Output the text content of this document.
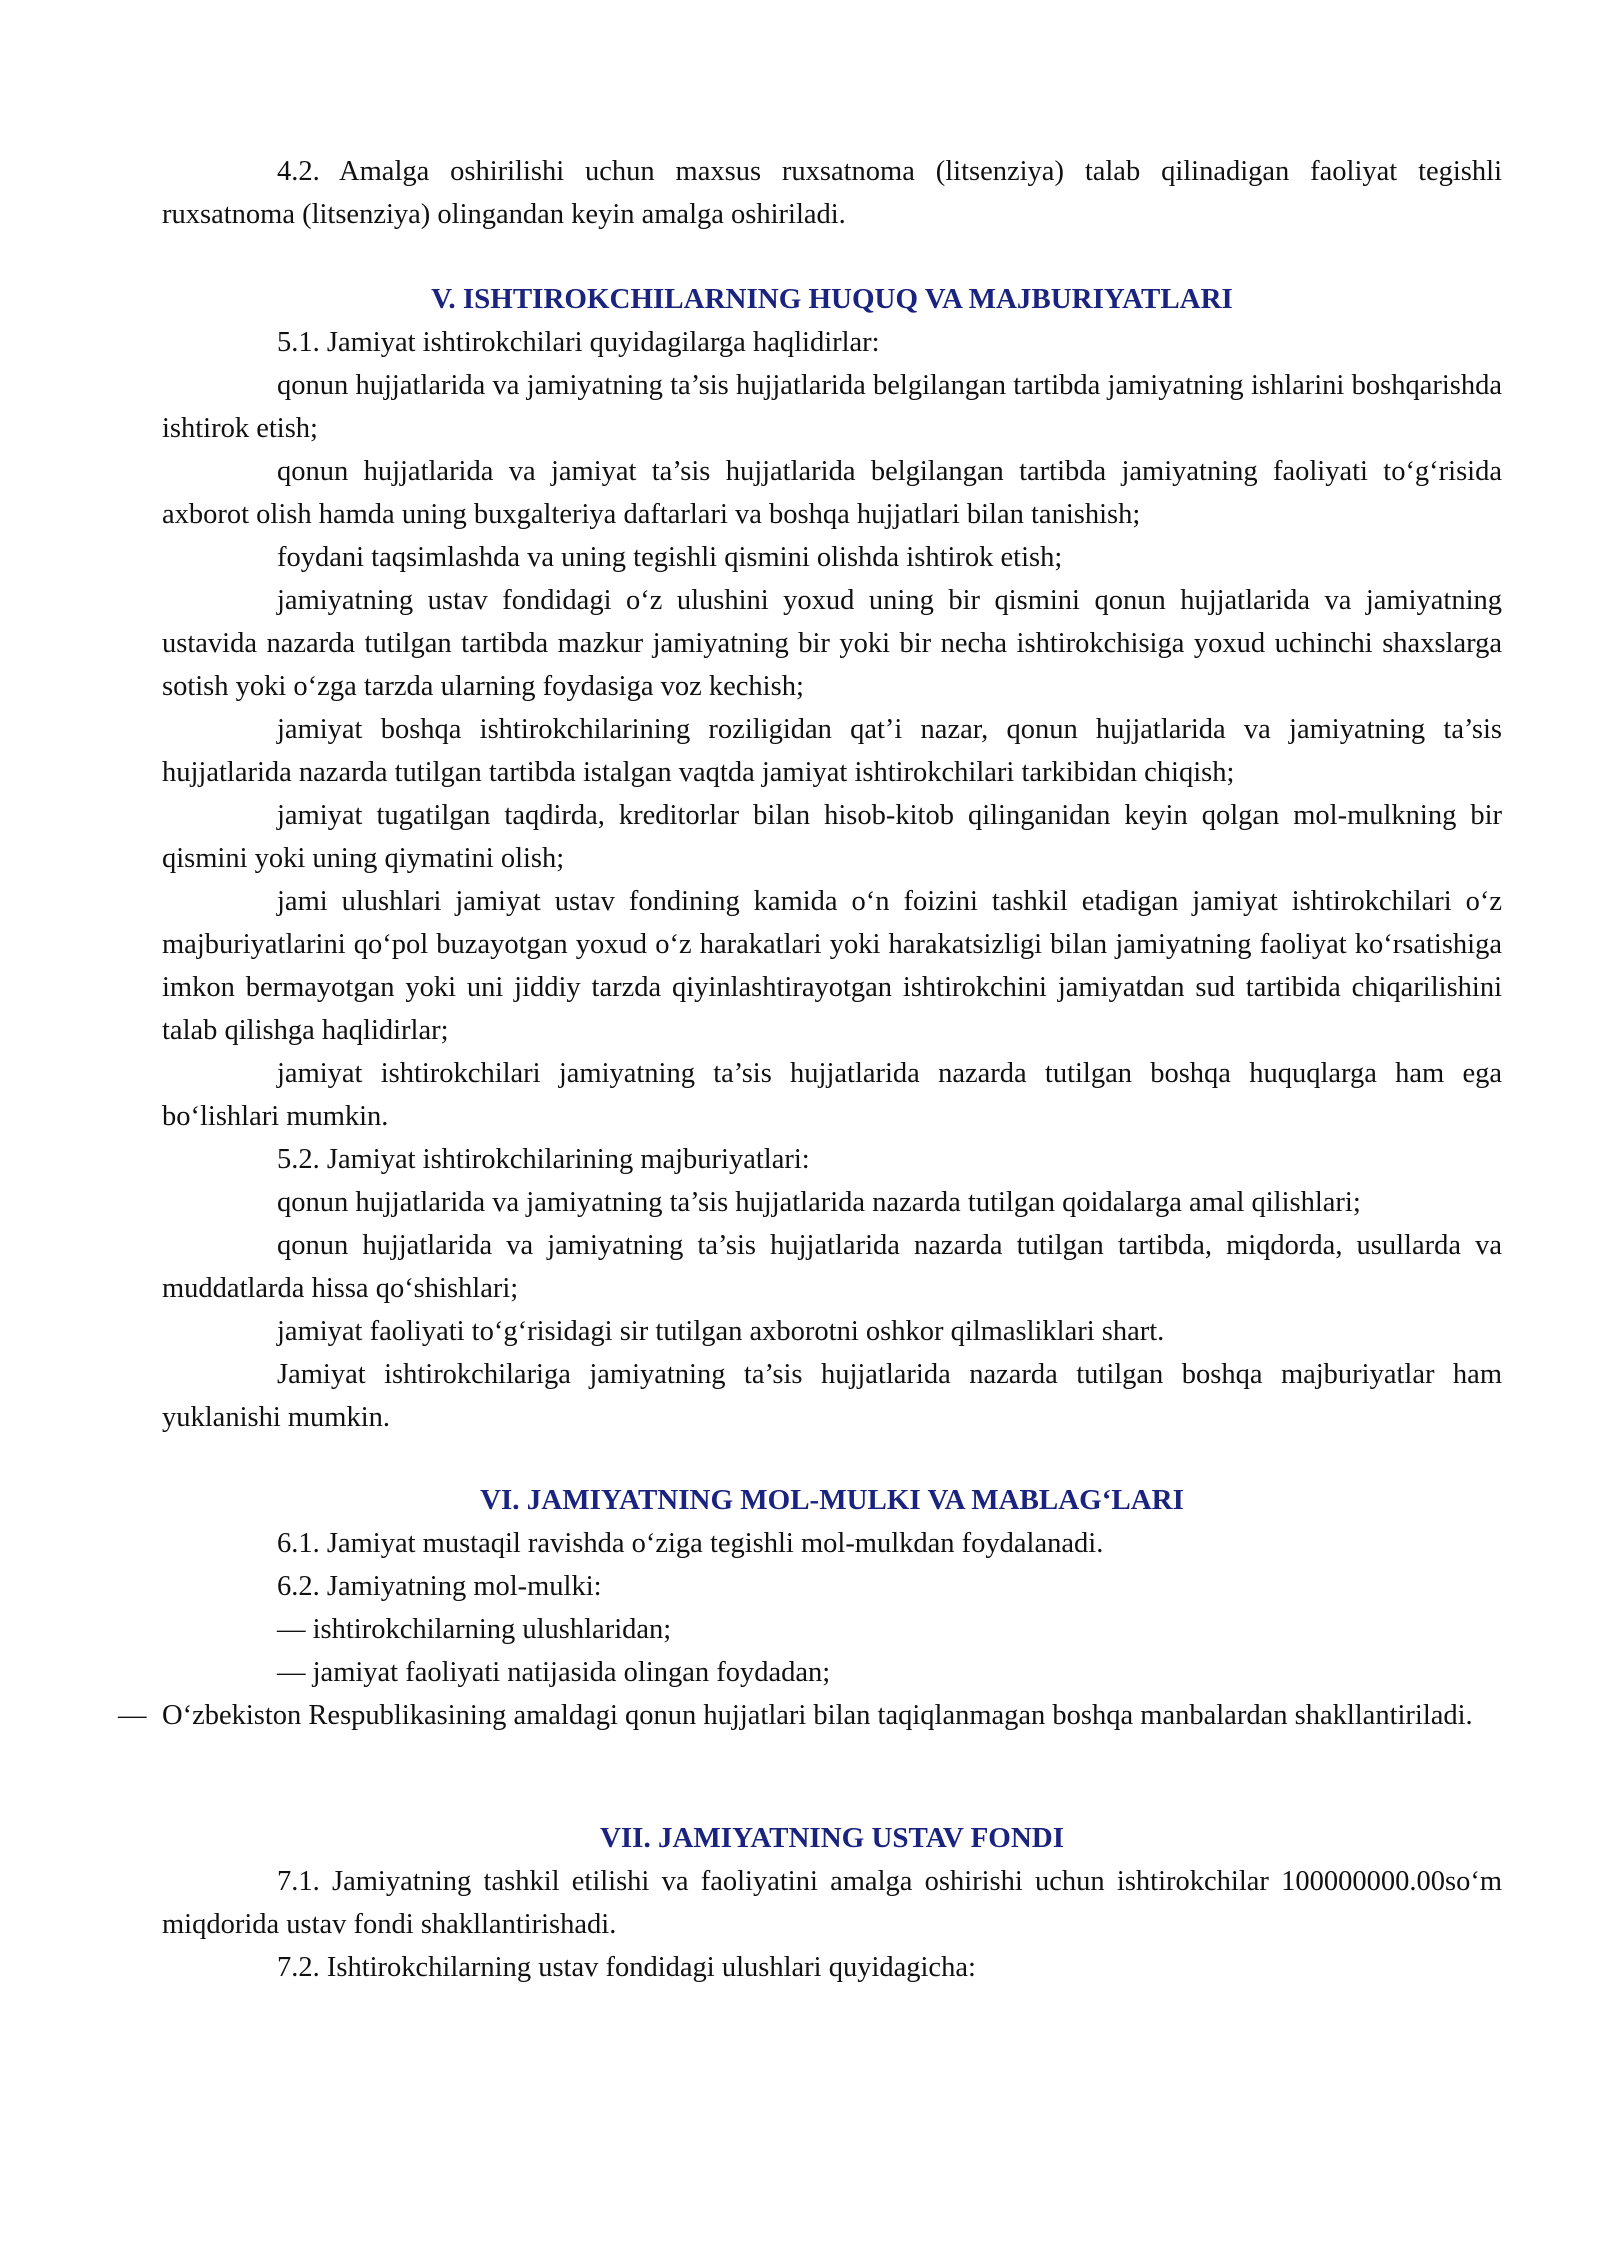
4.2. Amalga oshirilishi uchun maxsus ruxsatnoma (litsenziya) talab qilinadigan faoliyat tegishli ruxsatnoma (litsenziya) olingandan keyin amalga oshiriladi.

V. ISHTIROKCHILARNING HUQUQ VA MAJBURIYATLARI

5.1. Jamiyat ishtirokchilari quyidagilarga haqlidirlar:

qonun hujjatlarida va jamiyatning ta’sis hujjatlarida belgilangan tartibda jamiyatning ishlarini boshqarishda ishtirok etish;

qonun hujjatlarida va jamiyat ta’sis hujjatlarida belgilangan tartibda jamiyatning faoliyati to‘g‘risida axborot olish hamda uning buxgalteriya daftarlari va boshqa hujjatlari bilan tanishish;

foydani taqsimlashda va uning tegishli qismini olishda ishtirok etish;

jamiyatning ustav fondidagi o‘z ulushini yoxud uning bir qismini qonun hujjatlarida va jamiyatning ustavida nazarda tutilgan tartibda mazkur jamiyatning bir yoki bir necha ishtirokchisiga yoxud uchinchi shaxslarga sotish yoki o‘zga tarzda ularning foydasiga voz kechish;

jamiyat boshqa ishtirokchilarining roziligidan qat’i nazar, qonun hujjatlarida va jamiyatning ta’sis hujjatlarida nazarda tutilgan tartibda istalgan vaqtda jamiyat ishtirokchilari tarkibidan chiqish;

jamiyat tugatilgan taqdirda, kreditorlar bilan hisob-kitob qilinganidan keyin qolgan mol-mulkning bir qismini yoki uning qiymatini olish;

jami ulushlari jamiyat ustav fondining kamida o‘n foizini tashkil etadigan jamiyat ishtirokchilari o‘z majburiyatlarini qo‘pol buzayotgan yoxud o‘z harakatlari yoki harakatsizligi bilan jamiyatning faoliyat ko‘rsatishiga imkon bermayotgan yoki uni jiddiy tarzda qiyinlashtirayotgan ishtirokchini jamiyatdan sud tartibida chiqarilishini talab qilishga haqlidirlar;

jamiyat ishtirokchilari jamiyatning ta’sis hujjatlarida nazarda tutilgan boshqa huquqlarga ham ega bo‘lishlari mumkin.

5.2. Jamiyat ishtirokchilarining majburiyatlari:

qonun hujjatlarida va jamiyatning ta’sis hujjatlarida nazarda tutilgan qoidalarga amal qilishlari;

qonun hujjatlarida va jamiyatning ta’sis hujjatlarida nazarda tutilgan tartibda, miqdorda, usullarda va muddatlarda hissa qo‘shishlari;

jamiyat faoliyati to‘g‘risidagi sir tutilgan axborotni oshkor qilmasliklari shart.

Jamiyat ishtirokchilariga jamiyatning ta’sis hujjatlarida nazarda tutilgan boshqa majburiyatlar ham yuklanishi mumkin.

VI. JAMIYATNING MOL-MULKI VA MABLAG‘LARI

6.1. Jamiyat mustaqil ravishda o‘ziga tegishli mol-mulkdan foydalanadi.

6.2. Jamiyatning mol-mulki:

— ishtirokchilarning ulushlaridan;

— jamiyat faoliyati natijasida olingan foydadan;

— O‘zbekiston Respublikasining amaldagi qonun hujjatlari bilan taqiqlanmagan boshqa manbalardan shakllantiriladi.

VII. JAMIYATNING USTAV FONDI

7.1. Jamiyatning tashkil etilishi va faoliyatini amalga oshirishi uchun ishtirokchilar 100000000.00so‘m miqdorida ustav fondi shakllantirishadi.

7.2. Ishtirokchilarning ustav fondidagi ulushlari quyidagicha:
